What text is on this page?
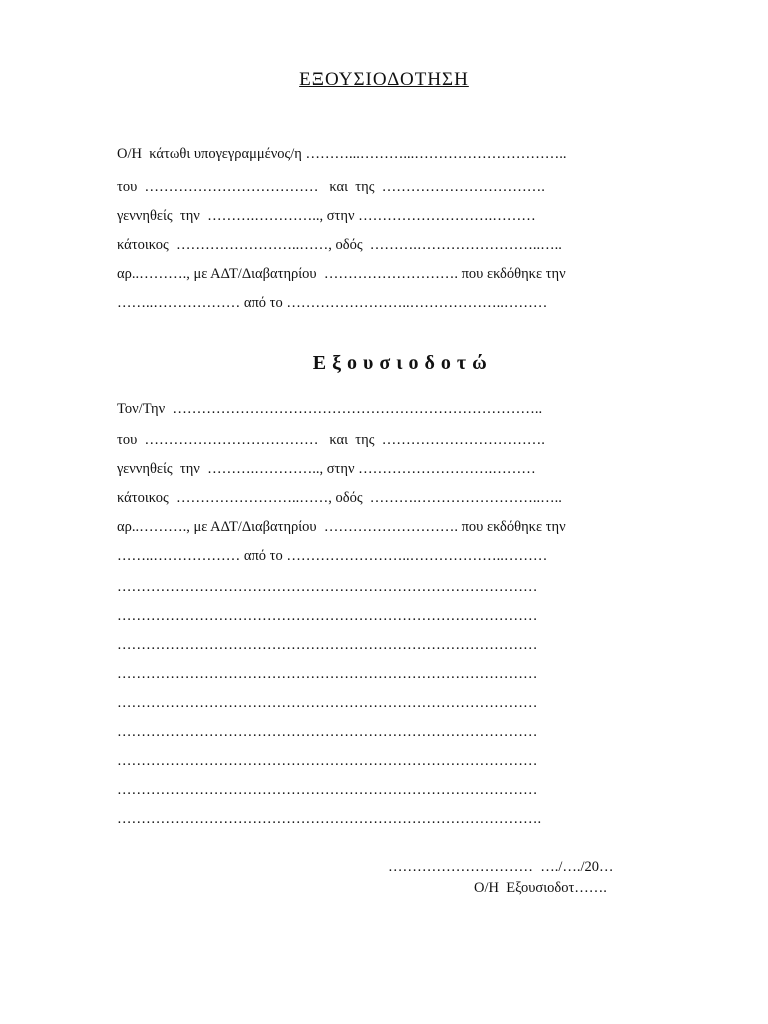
ΕΞΟΥΣΙΟΔΟΤΗΣΗ
Ο/Η  κάτωθι υπογεγραμμένος/η ………...………...…………………………..
του  ………………………………   και  της  …………………………….
γεννηθείς  την  ……….………….., στην ……………………….………
κάτοικος  ……………………..……, οδός  ……….……………………..…..
αρ..………., με ΑΔΤ/Διαβατηρίου  ………………………. που εκδόθηκε την
……..……………… από το ……………………..………………..………
Ε ξ ο υ σ ι ο δ ο τ ώ
Τον/Την  …………………………………………………………………..
του  ………………………………   και  της  …………………………….
γεννηθείς  την  ……….………….., στην ……………………….………
κάτοικος  ……………………..……, οδός  ……….……………………..…..
αρ..………., με ΑΔΤ/Διαβατηρίου  ………………………. που εκδόθηκε την
……..……………… από το ……………………..………………..………
……………………………………………………………………………
……………………………………………………………………………
……………………………………………………………………………
……………………………………………………………………………
……………………………………………………………………………
……………………………………………………………………………
……………………………………………………………………………
……………………………………………………………………………
…………………………………………………………………………….
…………………………  …./…./20…
Ο/Η  Εξουσιοδοτ…….
